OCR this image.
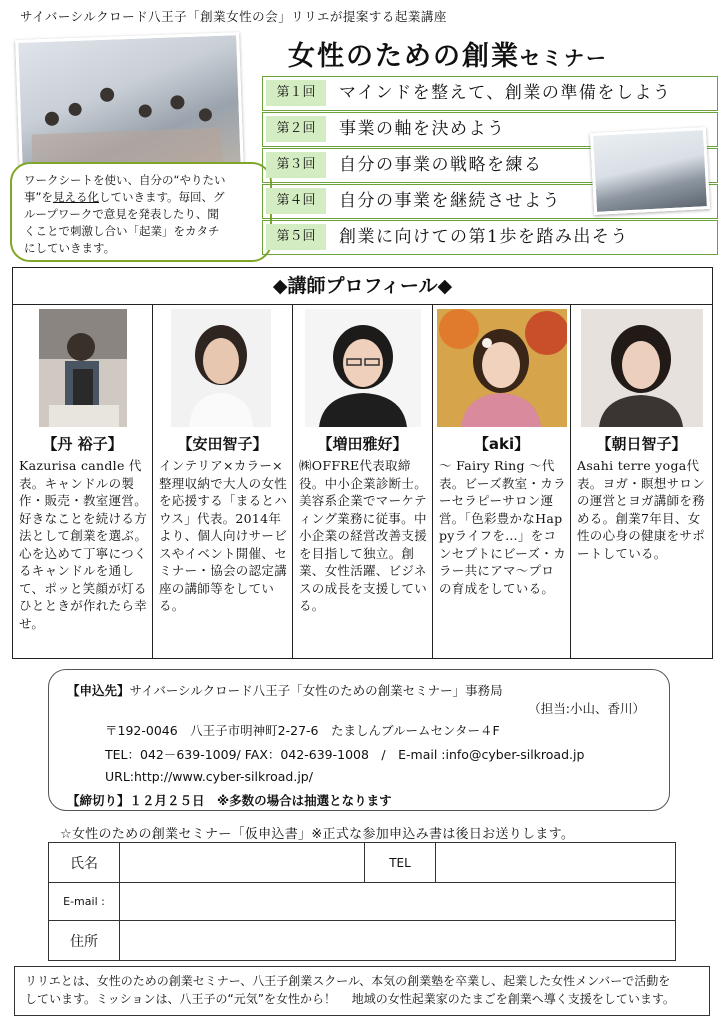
サイバーシルクロード八王子「創業女性の会」リリエが提案する起業講座
ワークシートを使い、自分の“やりたい
事”を見える化していきます。毎回、グ
ループワークで意見を発表したり、聞
くことで刺激し合い「起業」をカタチ
にしていきます。
女性のための創業セミナー
第１回	マインドを整えて、創業の準備をしよう
第２回	事業の軸を決めよう
第３回	自分の事業の戦略を練る
第４回	自分の事業を継続させよう
第５回	創業に向けての第1歩を踏み出そう
◆講師プロフィール◆
【丹 裕子】
Kazurisa candle 代表。キャンドルの製作・販売・教室運営。好きなことを続ける方法として創業を選ぶ。心を込めて丁寧につくるキャンドルを通して、ポッと笑顔が灯るひとときが作れたら幸せ。
【安田智子】
インテリア×カラー×整理収納で大人の女性を応援する「まるとハウス」代表。2014年より、個人向けサービスやイベント開催、セミナー・協会の認定講座の講師等をしている。
【増田雅好】
㈱OFFRE代表取締役。中小企業診断士。美容系企業でマーケティング業務に従事。中小企業の経営改善支援を目指して独立。創業、女性活躍、ビジネスの成長を支援している。
【aki】
～ Fairy Ring ～代表。ビーズ教室・カラーセラピーサロン運営。「色彩豊かなHappyライフを…」をコンセプトにビーズ・カラー共にアマ～プロの育成をしている。
【朝日智子】
Asahi terre yoga代表。ヨガ・瞑想サロンの運営とヨガ講師を務める。創業7年目、女性の心身の健康をサポートしている。
【申込先】サイバーシルクロード八王子「女性のための創業セミナー」事務局
（担当:小山、香川）
〒192-0046　八王子市明神町2-27-6　たましんブルームセンター４F
TEL：042－639-1009/ FAX：042-639-1008　/　E-mail :info@cyber-silkroad.jp
URL:http://www.cyber-silkroad.jp/
【締切り】１２月２５日　※多数の場合は抽選となります
☆女性のための創業セミナー「仮申込書」※正式な参加申込み書は後日お送りします。
氏名		TEL	
E-mail :			
住所			
リリエとは、女性のための創業セミナー、八王子創業スクール、本気の創業塾を卒業し、起業した女性メンバーで活動を
しています。ミッションは、八王子の“元気”を女性から！　 地域の女性起業家のたまごを創業へ導く支援をしています。
